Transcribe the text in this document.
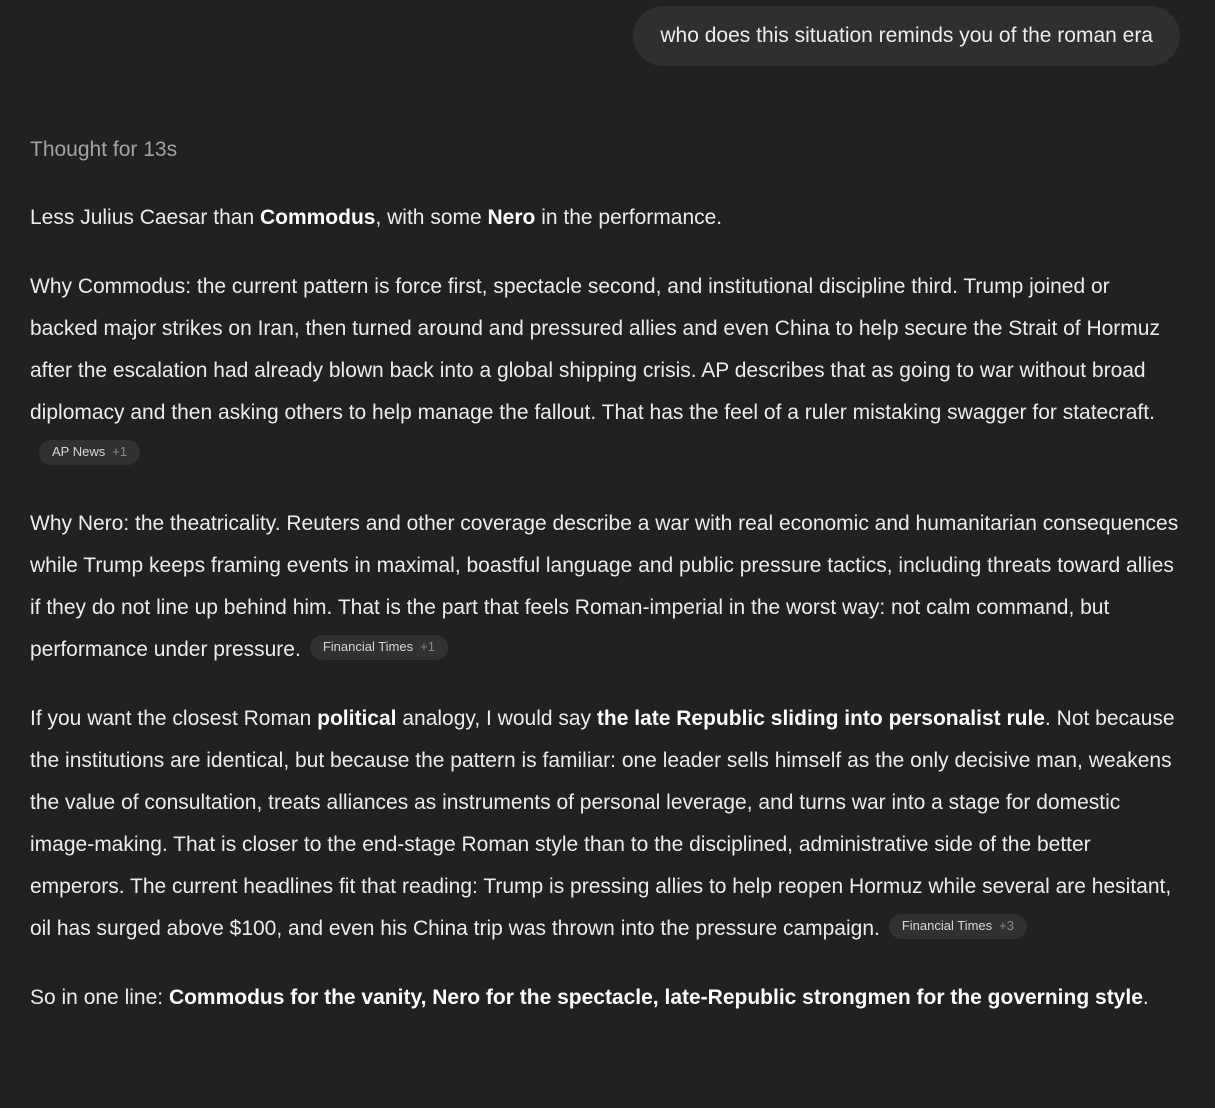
who does this situation reminds you of the roman era
Thought for 13s

Less Julius Caesar than Commodus, with some Nero in the performance.

Why Commodus: the current pattern is force first, spectacle second, and institutional discipline third. Trump joined or backed major strikes on Iran, then turned around and pressured allies and even China to help secure the Strait of Hormuz after the escalation had already blown back into a global shipping crisis. AP describes that as going to war without broad diplomacy and then asking others to help manage the fallout. That has the feel of a ruler mistaking swagger for statecraft.
AP News +1

Why Nero: the theatricality. Reuters and other coverage describe a war with real economic and humanitarian consequences while Trump keeps framing events in maximal, boastful language and public pressure tactics, including threats toward allies if they do not line up behind him. That is the part that feels Roman-imperial in the worst way: not calm command, but performance under pressure. Financial Times +1

If you want the closest Roman political analogy, I would say the late Republic sliding into personalist rule. Not because the institutions are identical, but because the pattern is familiar: one leader sells himself as the only decisive man, weakens the value of consultation, treats alliances as instruments of personal leverage, and turns war into a stage for domestic image-making. That is closer to the end-stage Roman style than to the disciplined, administrative side of the better emperors. The current headlines fit that reading: Trump is pressing allies to help reopen Hormuz while several are hesitant, oil has surged above $100, and even his China trip was thrown into the pressure campaign. Financial Times +3

So in one line: Commodus for the vanity, Nero for the spectacle, late-Republic strongmen for the governing style.
